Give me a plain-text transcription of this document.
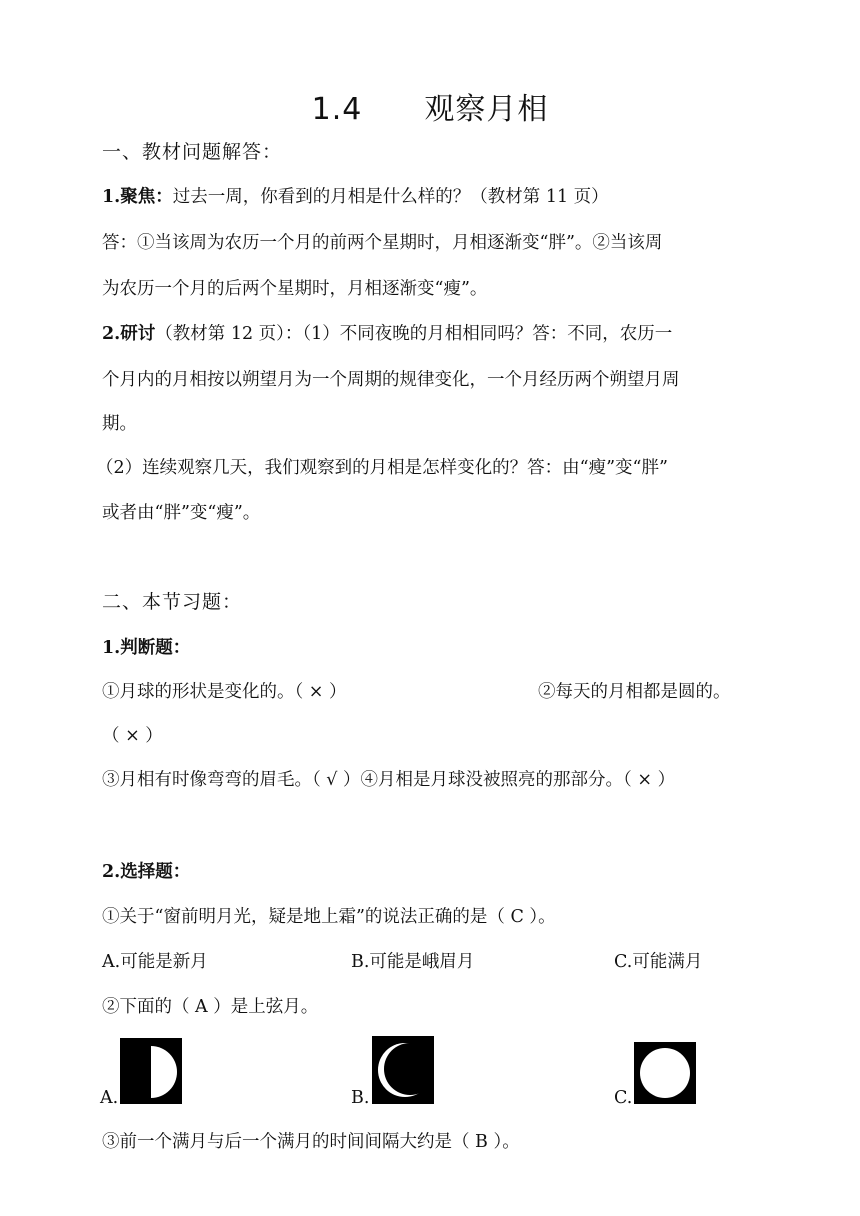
1.4　　观察月相
一、教材问题解答：
1.聚焦：过去一周，你看到的月相是什么样的？（教材第 11 页）
答：①当该周为农历一个月的前两个星期时，月相逐渐变“胖”。②当该周
为农历一个月的后两个星期时，月相逐渐变“瘦”。
2.研讨（教材第 12 页）：（1）不同夜晚的月相相同吗？答：不同，农历一
个月内的月相按以朔望月为一个周期的规律变化，一个月经历两个朔望月周
期。
（2）连续观察几天，我们观察到的月相是怎样变化的？答：由“瘦”变“胖”
或者由“胖”变“瘦”。
二、本节习题：
1.判断题：
①月球的形状是变化的。（ × ）	②每天的月相都是圆的。
（ × ）
③月相有时像弯弯的眉毛。（ √ ）④月相是月球没被照亮的那部分。（ × ）
2.选择题：
①关于“窗前明月光，疑是地上霜”的说法正确的是（ C ）。
A.可能是新月	B.可能是峨眉月	C.可能满月
②下面的（ A ）是上弦月。
A.	B.	C.
③前一个满月与后一个满月的时间间隔大约是（ B ）。
